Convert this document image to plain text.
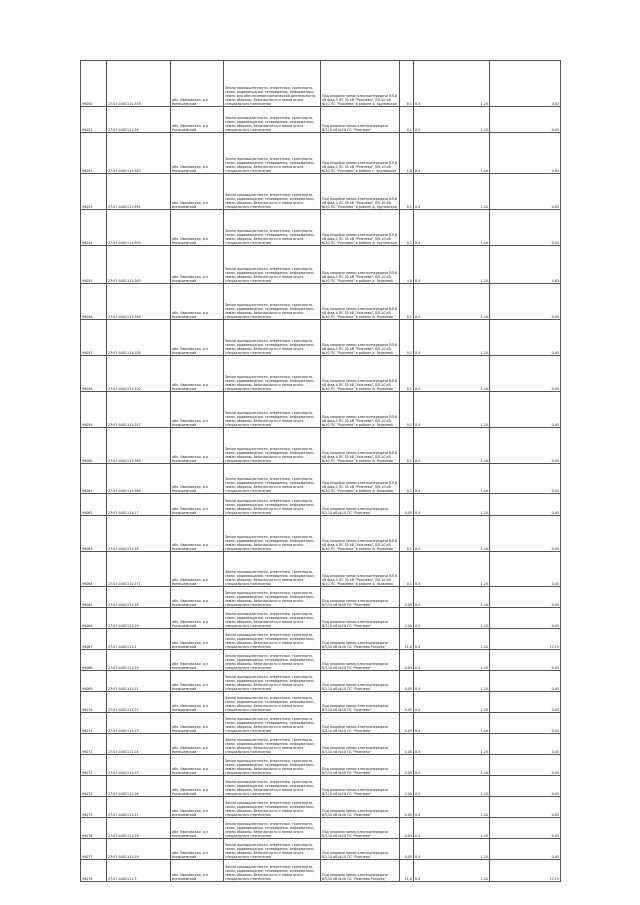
99050	27:07:0401111:359	обл. Ивановская, р-н Кинешемский	Земли промышленности, энергетики, транспорта, связи, радиовещания, телевидения, информатики, земли для обеспечения космической деятельности, земли обороны, безопасности и земли иного специального назначения	Под опорами линии электропередачи ВЛ-6 кВ фид.3 ПС 35 кВ "Рожнево", ВЛ-10 кВ №10 ПС "Рожнево" в районе д. Хрулевская	8.1	0.4 1.20	0.03
99051	27:07:0401111:36	обл. Ивановская, р-н Кинешемский	Земли промышленности, энергетики, транспорта, связи, радиовещания, телевидения, информатики, земли обороны, безопасности и земли иного специального назначения	Под опорами линии электропередачи ВЛ-10 кВ №10 ПС "Рожнево"	0.1	0.4 1.20	0.05
99052	27:07:0401111:363	обл. Ивановская, р-н Кинешемский	Земли промышленности, энергетики, транспорта, связи, радиовещания, телевидения, информатики, земли обороны, безопасности и земли иного специального назначения	Под опорами линии электропередачи ВЛ-6 кВ фид.4 ПС 35 кВ "Рожнево", ВЛ-10 кВ №10 ПС "Рожнево" в районе с. Хрулевская	1.8	0.4 1.20	4.83
99053	27:07:0401111:991	обл. Ивановская, р-н Кинешемский	Земли промышленности, энергетики, транспорта, связи, радиовещания, телевидения, информатики, земли обороны, безопасности и земли иного специального назначения	Под опорами линии электропередачи ВЛ-6 кВ фид.4 ПС 35 кВ "Рожнево", ВЛ-10 кВ №10 ПС "Рожнево" в районе д. Хрулевская	0.1	0.4 1.20	0.05
99054	27:07:0401111:993	обл. Ивановская, р-н Кинешемский	Земли промышленности, энергетики, транспорта, связи, радиовещания, телевидения, информатики, земли обороны, безопасности и земли иного специального назначения	Под опорами линии электропередачи ВЛ-6 кВ фид.4 ПС 35 кВ "Рожнево", ВЛ-10 кВ №10 ПС "Рожнево" в районе д. Хрулевская	0.1	0.4 1.20	0.05
99055	27:07:0401111:363	обл. Ивановская, р-н Кинешемский	Земли промышленности, энергетики, транспорта, связи, радиовещания, телевидения, информатики, земли обороны, безопасности и земли иного специального назначения	Под опорами линии электропередачи ВЛ-6 кВ фид.4 ПС 35 кВ "Рожнево", ВЛ-10 кВ №10 ПС "Рожнево" в районе д. Яковлево	4.0	0.4 1.20	4.83
99056	27:07:0401111:364	обл. Ивановская, р-н Кинешемский	Земли промышленности, энергетики, транспорта, связи, радиовещания, телевидения, информатики, земли обороны, безопасности и земли иного специального назначения	Под опорами линии электропередачи ВЛ-6 кВ фид.4 ПС 35 кВ "Рожнево", ВЛ-10 кВ №10 ПС "Рожнево" в районе д. Яковлево	0.1	0.4 1.20	0.05
99057	27:07:0401111:100	обл. Ивановская, р-н Кинешемский	Земли промышленности, энергетики, транспорта, связи, радиовещания, телевидения, информатики, земли обороны, безопасности и земли иного специального назначения	Под опорами линии электропередачи ВЛ-6 кВ фид.4 ПС 35 кВ "Рожнево", ВЛ-10 кВ №10 ПС "Рожнево" в районе д. Яковлево	0.1	0.4 1.20	0.05
99058	27:07:0401111:102	обл. Ивановская, р-н Кинешемский	Земли промышленности, энергетики, транспорта, связи, радиовещания, телевидения, информатики, земли обороны, безопасности и земли иного специального назначения	Под опорами линии электропередачи ВЛ-6 кВ фид.4 ПС 35 кВ "Рожнево", ВЛ-10 кВ №10 ПС "Рожнево" в районе д. Яковлево	0.1	0.4 1.20	0.05
99059	27:07:0401111:347	обл. Ивановская, р-н Кинешемский	Земли промышленности, энергетики, транспорта, связи, радиовещания, телевидения, информатики, земли обороны, безопасности и земли иного специального назначения	Под опорами линии электропередачи ВЛ-6 кВ фид.4 ПС 35 кВ "Рожнево", ВЛ-10 кВ №10 ПС "Рожнево" в районе д. Яковлево	0.1	0.4 1.20	0.05
99060	27:07:0401111:365	обл. Ивановская, р-н Кинешемский	Земли промышленности, энергетики, транспорта, связи, радиовещания, телевидения, информатики, земли обороны, безопасности и земли иного специального назначения	Под опорами линии электропередачи ВЛ-6 кВ фид.4 ПС 35 кВ "Рожнево", ВЛ-10 кВ №10 ПС "Рожнево" в районе д. Яковлево	0.1	0.4 1.20	0.05
99061	27:07:0401111:369	обл. Ивановская, р-н Кинешемский	Земли промышленности, энергетики, транспорта, связи, радиовещания, телевидения, информатики, земли обороны, безопасности и земли иного специального назначения	Под опорами линии электропередачи ВЛ-6 кВ фид.4 ПС 35 кВ "Рожнево", ВЛ-10 кВ №10 ПС "Рожнево" в районе д. Яковлево	0.1	0.4 1.20	0.05
99062	27:07:0401111:17	обл. Ивановская, р-н Кинешемский	Земли промышленности, энергетики, транспорта, связи, радиовещания, телевидения, информатики, земли обороны, безопасности и земли иного специального назначения	Под опорами линии электропередачи ВЛ-10 кВ №10 ПС "Рожнево"	0.05	0.4 1.20	0.05
99063	27:07:0401111:18	обл. Ивановская, р-н Кинешемский	Земли промышленности, энергетики, транспорта, связи, радиовещания, телевидения, информатики, земли обороны, безопасности и земли иного специального назначения	Под опорами линии электропередачи ВЛ-6 кВ фид.4 ПС 35 кВ "Рожнево", ВЛ-10 кВ №10 ПС "Рожнево" в районе д. Яковлево	0.1	0.4 1.20	0.05
99064	27:07:0401111:171	обл. Ивановская, р-н Кинешемский	Земли промышленности, энергетики, транспорта, связи, радиовещания, телевидения, информатики, земли обороны, безопасности и земли иного специального назначения	Под опорами линии электропередачи ВЛ-6 кВ фид.4 ПС 35 кВ "Рожнево", ВЛ-10 кВ №10 ПС "Рожнево" в районе д. Яковлево	0.1	0.4 1.20	0.05
99065	27:07:0401111:18	обл. Ивановская, р-н Кинешемский	Земли промышленности, энергетики, транспорта, связи, радиовещания, телевидения, информатики, земли обороны, безопасности и земли иного специального назначения	Под опорами линии электропередачи ВЛ-10 кВ №10 ПС "Рожнево"	0.05	0.4 1.20	0.05
99066	27:07:0401111:19	обл. Ивановская, р-н Кинешемский	Земли промышленности, энергетики, транспорта, связи, радиовещания, телевидения, информатики, земли обороны, безопасности и земли иного специального назначения	Под опорами линии электропередачи ВЛ-10 кВ №10 ПС "Рожнево"	0.05	0.4 1.20	0.05
99067	27:07:0401111:2	обл. Ивановская, р-н Кинешемский	Земли промышленности, энергетики, транспорта, связи, радиовещания, телевидения, информатики, земли обороны, безопасности и земли иного специального назначения	Под опорами линии электропередачи ВЛ-10 кВ №10 ПС "Рожнево-Разьезд"	11.0	0.4 1.20	12.15
99068	27:07:0401111:20	обл. Ивановская, р-н Кинешемский	Земли промышленности, энергетики, транспорта, связи, радиовещания, телевидения, информатики, земли обороны, безопасности и земли иного специального назначения	Под опорами линии электропередачи ВЛ-10 кВ №10 ПС "Рожнево"	0.05	0.4 1.20	0.05
99069	27:07:0401111:21	обл. Ивановская, р-н Кинешемский	Земли промышленности, энергетики, транспорта, связи, радиовещания, телевидения, информатики, земли обороны, безопасности и земли иного специального назначения	Под опорами линии электропередачи ВЛ-10 кВ №10 ПС "Рожнево"	0.05	0.4 1.20	0.05
99070	27:07:0401111:22	обл. Ивановская, р-н Кинешемский	Земли промышленности, энергетики, транспорта, связи, радиовещания, телевидения, информатики, земли обороны, безопасности и земли иного специального назначения	Под опорами линии электропередачи ВЛ-10 кВ №10 ПС "Рожнево"	0.05	0.4 1.20	0.05
99071	27:07:0401111:23	обл. Ивановская, р-н Кинешемский	Земли промышленности, энергетики, транспорта, связи, радиовещания, телевидения, информатики, земли обороны, безопасности и земли иного специального назначения	Под опорами линии электропередачи ВЛ-10 кВ №10 ПС "Рожнево"	0.05	0.4 1.20	0.05
99072	27:07:0401111:24	обл. Ивановская, р-н Кинешемский	Земли промышленности, энергетики, транспорта, связи, радиовещания, телевидения, информатики, земли обороны, безопасности и земли иного специального назначения	Под опорами линии электропередачи ВЛ-10 кВ №10 ПС "Рожнево"	0.05	0.4 1.20	0.05
99073	27:07:0401111:25	обл. Ивановская, р-н Кинешемский	Земли промышленности, энергетики, транспорта, связи, радиовещания, телевидения, информатики, земли обороны, безопасности и земли иного специального назначения	Под опорами линии электропередачи ВЛ-10 кВ №10 ПС "Рожнево"	0.05	0.4 1.20	0.05
99074	27:07:0401111:26	обл. Ивановская, р-н Кинешемский	Земли промышленности, энергетики, транспорта, связи, радиовещания, телевидения, информатики, земли обороны, безопасности и земли иного специального назначения	Под опорами линии электропередачи ВЛ-10 кВ №10 ПС "Рожнево"	0.05	0.4 1.20	0.05
99075	27:07:0401111:27	обл. Ивановская, р-н Кинешемский	Земли промышленности, энергетики, транспорта, связи, радиовещания, телевидения, информатики, земли обороны, безопасности и земли иного специального назначения	Под опорами линии электропередачи ВЛ-10 кВ №10 ПС "Рожнево"	0.05	0.4 1.20	0.05
99076	27:07:0401111:28	обл. Ивановская, р-н Кинешемский	Земли промышленности, энергетики, транспорта, связи, радиовещания, телевидения, информатики, земли обороны, безопасности и земли иного специального назначения	Под опорами линии электропередачи ВЛ-10 кВ №10 ПС "Рожнево"	0.05	0.4 1.20	0.05
99077	27:07:0401111:29	обл. Ивановская, р-н Кинешемский	Земли промышленности, энергетики, транспорта, связи, радиовещания, телевидения, информатики, земли обороны, безопасности и земли иного специального назначения	Под опорами линии электропередачи ВЛ-10 кВ №10 ПС "Рожнево"	0.05	0.4 1.20	0.05
99078	27:07:0401111:3	обл. Ивановская, р-н Кинешемский	Земли промышленности, энергетики, транспорта, связи, радиовещания, телевидения, информатики, земли обороны, безопасности и земли иного специального назначения	Под опорами линии электропередачи ВЛ-10 кВ №10 ПС "Рожнево-Разьезд"	11.0	0.4 1.20	12.15
